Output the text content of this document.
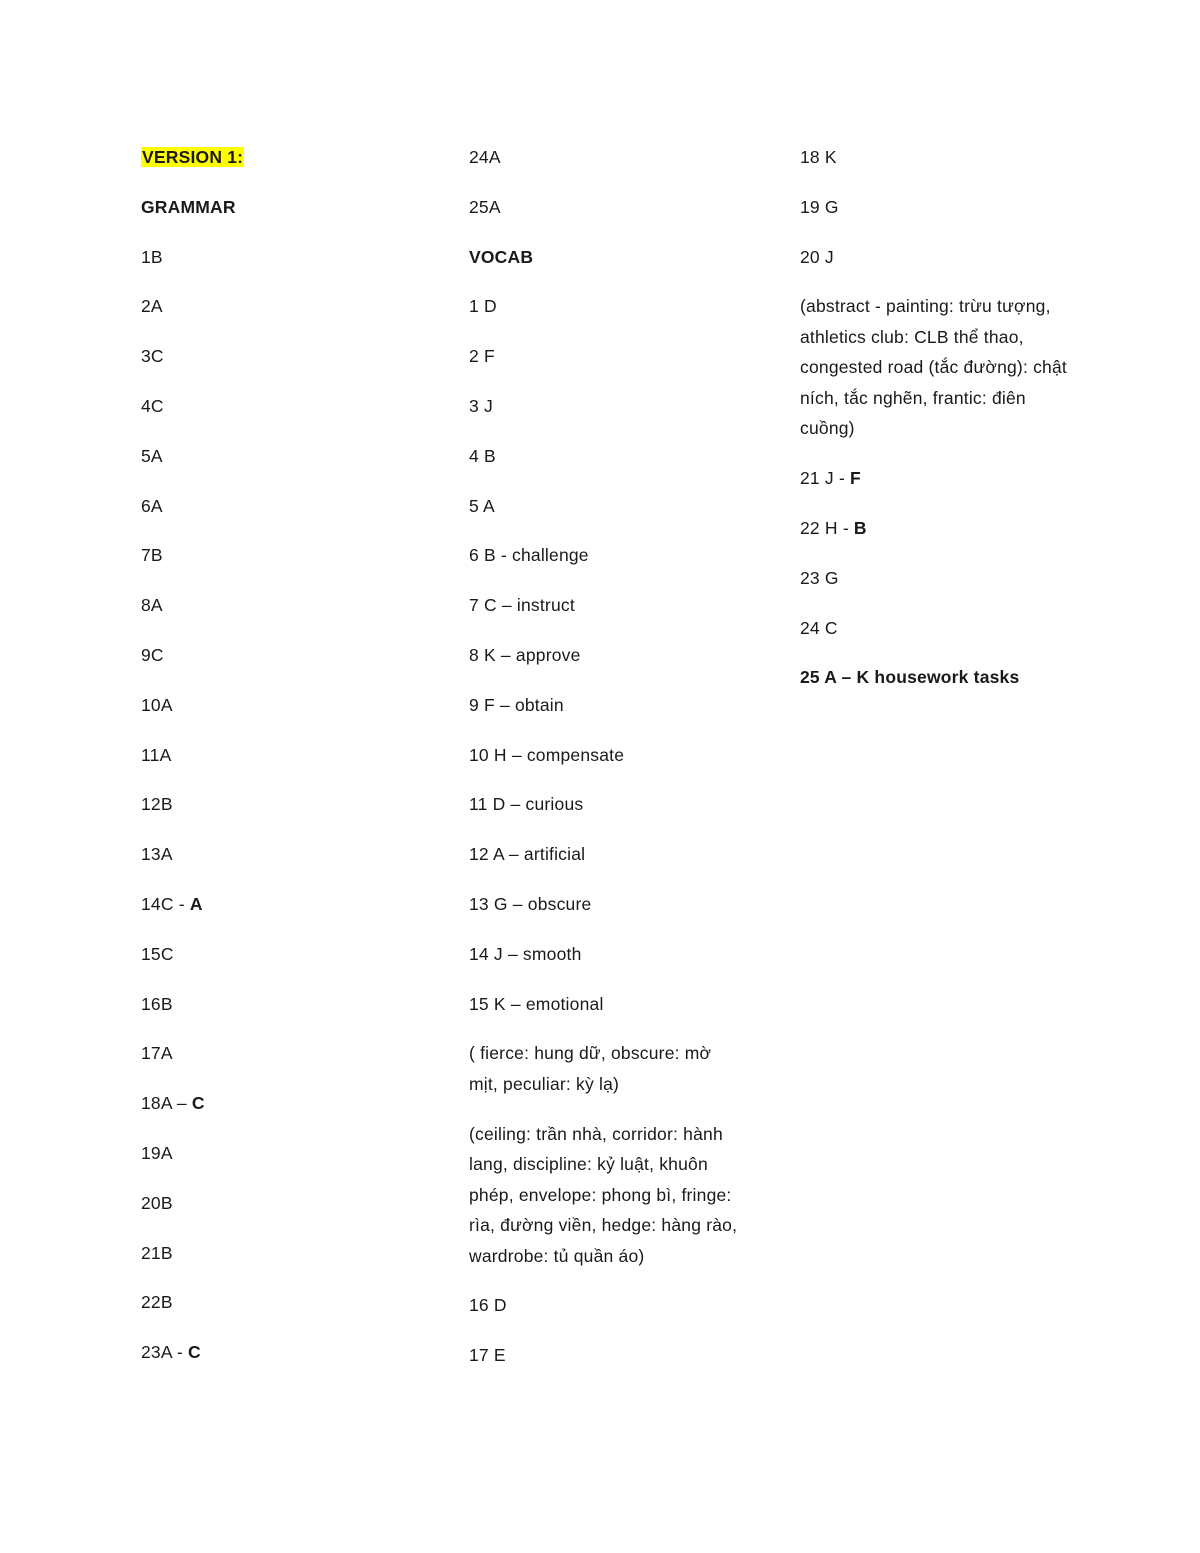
VERSION 1:
GRAMMAR
1B
2A
3C
4C
5A
6A
7B
8A
9C
10A
11A
12B
13A
14C - A
15C
16B
17A
18A – C
19A
20B
21B
22B
23A - C
24A
25A
VOCAB
1 D
2 F
3 J
4 B
5 A
6 B - challenge
7 C – instruct
8 K – approve
9 F – obtain
10 H – compensate
11 D – curious
12 A – artificial
13 G – obscure
14 J – smooth
15 K – emotional
( fierce: hung dữ, obscure: mờ mịt, peculiar: kỳ lạ)
(ceiling: trần nhà, corridor: hành lang, discipline: kỷ luật, khuôn phép, envelope: phong bì, fringe: rìa, đường viền, hedge: hàng rào, wardrobe: tủ quần áo)
16 D
17 E
18 K
19 G
20 J
(abstract - painting: trừu tượng, athletics club: CLB thể thao, congested road (tắc đường): chật ních, tắc nghẽn, frantic: điên cuồng)
21 J - F
22 H - B
23 G
24 C
25 A – K housework tasks
